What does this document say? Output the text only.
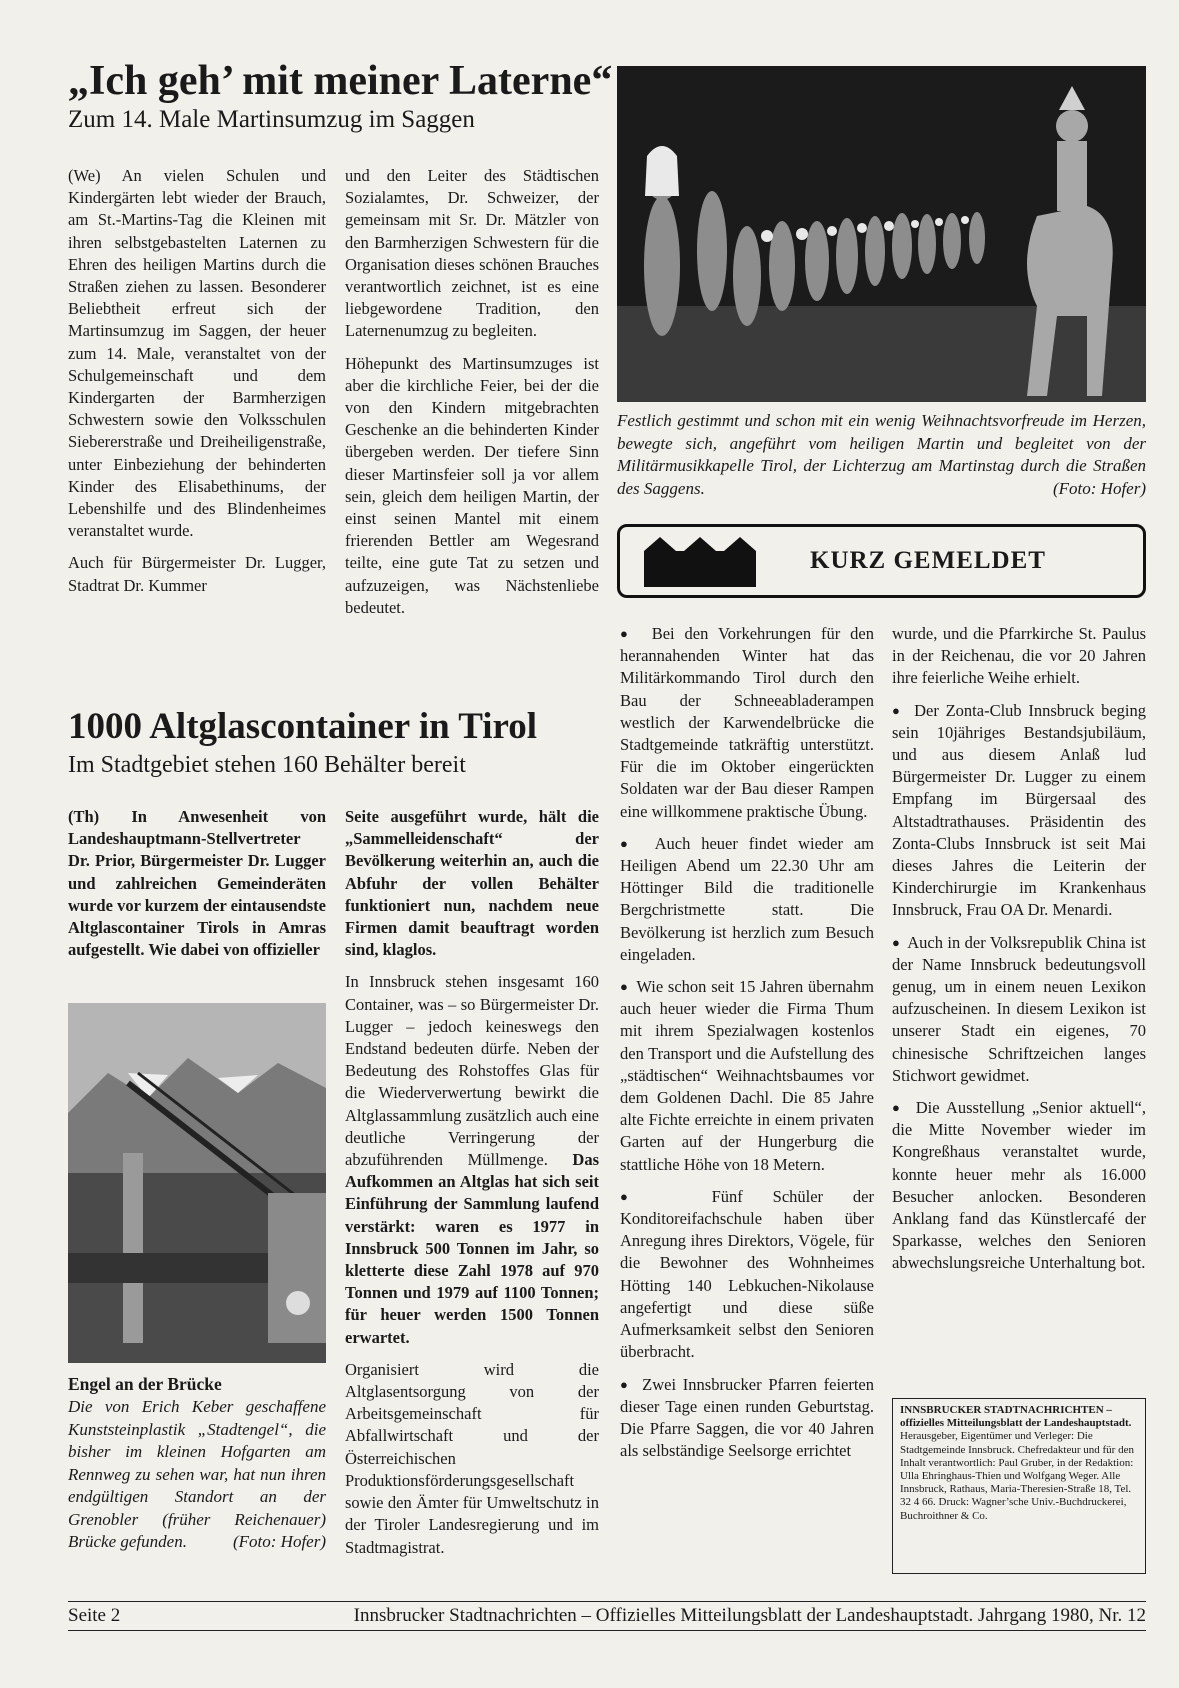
„Ich geh’ mit meiner Laterne“
Zum 14. Male Martinsumzug im Saggen

(We) An vielen Schulen und Kindergärten lebt wieder der Brauch, am St.-Martins-Tag die Kleinen mit ihren selbstgebastelten Laternen zu Ehren des heiligen Martins durch die Straßen ziehen zu lassen. Besonderer Beliebtheit erfreut sich der Martinsumzug im Saggen, der heuer zum 14. Male, veranstaltet von der Schulgemeinschaft und dem Kindergarten der Barmherzigen Schwestern sowie den Volksschulen Siebererstraße und Dreiheiligenstraße, unter Einbeziehung der behinderten Kinder des Elisabethinums, der Lebenshilfe und des Blindenheimes veranstaltet wurde.

Auch für Bürgermeister Dr. Lugger, Stadtrat Dr. Kummer

und den Leiter des Städtischen Sozialamtes, Dr. Schweizer, der gemeinsam mit Sr. Dr. Mätzler von den Barmherzigen Schwestern für die Organisation dieses schönen Brauches verantwortlich zeichnet, ist es eine liebgewordene Tradition, den Laternenumzug zu begleiten.

Höhepunkt des Martinsumzuges ist aber die kirchliche Feier, bei der die von den Kindern mitgebrachten Geschenke an die behinderten Kinder übergeben werden. Der tiefere Sinn dieser Martinsfeier soll ja vor allem sein, gleich dem heiligen Martin, der einst seinen Mantel mit einem frierenden Bettler am Wegesrand teilte, eine gute Tat zu setzen und aufzuzeigen, was Nächstenliebe bedeutet.

Festlich gestimmt und schon mit ein wenig Weihnachtsvorfreude im Herzen, bewegte sich, angeführt vom heiligen Martin und begleitet von der Militärmusikkapelle Tirol, der Lichterzug am Martinstag durch die Straßen des Saggens.	(Foto: Hofer)
1000 Altglascontainer in Tirol
Im Stadtgebiet stehen 160 Behälter bereit

(Th) In Anwesenheit von Landeshauptmann-Stellvertreter Dr. Prior, Bürgermeister Dr. Lugger und zahlreichen Gemeinderäten wurde vor kurzem der eintausendste Altglascontainer Tirols in Amras aufgestellt. Wie dabei von offizieller

Engel an der Brücke
Die von Erich Keber geschaffene Kunststeinplastik „Stadtengel“, die bisher im kleinen Hofgarten am Rennweg zu sehen war, hat nun ihren endgültigen Standort an der Grenobler (früher Reichenauer) Brücke gefunden.	(Foto: Hofer)

Seite ausgeführt wurde, hält die „Sammelleidenschaft“ der Bevölkerung weiterhin an, auch die Abfuhr der vollen Behälter funktioniert nun, nachdem neue Firmen damit beauftragt worden sind, klaglos.

In Innsbruck stehen insgesamt 160 Container, was – so Bürgermeister Dr. Lugger – jedoch keineswegs den Endstand bedeuten dürfe. Neben der Bedeutung des Rohstoffes Glas für die Wiederverwertung bewirkt die Altglassammlung zusätzlich auch eine deutliche Verringerung der abzuführenden Müllmenge. Das Aufkommen an Altglas hat sich seit Einführung der Sammlung laufend verstärkt: waren es 1977 in Innsbruck 500 Tonnen im Jahr, so kletterte diese Zahl 1978 auf 970 Tonnen und 1979 auf 1100 Tonnen; für heuer werden 1500 Tonnen erwartet.

Organisiert wird die Altglasentsorgung von der Arbeitsgemeinschaft für Abfallwirtschaft und der Österreichischen Produktionsförderungsgesellschaft sowie den Ämter für Umweltschutz in der Tiroler Landesregierung und im Stadtmagistrat.

KURZ GEMELDET

●  Bei den Vorkehrungen für den herannahenden Winter hat das Militärkommando Tirol durch den Bau der Schneeabladerampen westlich der Karwendelbrücke die Stadtgemeinde tatkräftig unterstützt. Für die im Oktober eingerückten Soldaten war der Bau dieser Rampen eine willkommene praktische Übung.

●  Auch heuer findet wieder am Heiligen Abend um 22.30 Uhr am Höttinger Bild die traditionelle Bergchristmette statt. Die Bevölkerung ist herzlich zum Besuch eingeladen.

●  Wie schon seit 15 Jahren übernahm auch heuer wieder die Firma Thum mit ihrem Spezialwagen kostenlos den Transport und die Aufstellung des „städtischen“ Weihnachtsbaumes vor dem Goldenen Dachl. Die 85 Jahre alte Fichte erreichte in einem privaten Garten auf der Hungerburg die stattliche Höhe von 18 Metern.

●  Fünf Schüler der Konditoreifachschule haben über Anregung ihres Direktors, Vögele, für die Bewohner des Wohnheimes Hötting 140 Lebkuchen-Nikolause angefertigt und diese süße Aufmerksamkeit selbst den Senioren überbracht.

●  Zwei Innsbrucker Pfarren feierten dieser Tage einen runden Geburtstag. Die Pfarre Saggen, die vor 40 Jahren als selbständige Seelsorge errichtet

wurde, und die Pfarrkirche St. Paulus in der Reichenau, die vor 20 Jahren ihre feierliche Weihe erhielt.

●  Der Zonta-Club Innsbruck beging sein 10jähriges Bestandsjubiläum, und aus diesem Anlaß lud Bürgermeister Dr. Lugger zu einem Empfang im Bürgersaal des Altstadtrathauses. Präsidentin des Zonta-Clubs Innsbruck ist seit Mai dieses Jahres die Leiterin der Kinderchirurgie im Krankenhaus Innsbruck, Frau OA Dr. Menardi.

●  Auch in der Volksrepublik China ist der Name Innsbruck bedeutungsvoll genug, um in einem neuen Lexikon aufzuscheinen. In diesem Lexikon ist unserer Stadt ein eigenes, 70 chinesische Schriftzeichen langes Stichwort gewidmet.

●  Die Ausstellung „Senior aktuell“, die Mitte November wieder im Kongreßhaus veranstaltet wurde, konnte heuer mehr als 16.000 Besucher anlocken. Besonderen Anklang fand das Künstlercafé der Sparkasse, welches den Senioren abwechslungsreiche Unterhaltung bot.

INNSBRUCKER STADTNACHRICHTEN – offizielles Mitteilungsblatt der Landeshauptstadt. Herausgeber, Eigentümer und Verleger: Die Stadtgemeinde Innsbruck. Chefredakteur und für den Inhalt verantwortlich: Paul Gruber, in der Redaktion: Ulla Ehringhaus-Thien und Wolfgang Weger. Alle Innsbruck, Rathaus, Maria-Theresien-Straße 18, Tel. 32 4 66. Druck: Wagner’sche Univ.-Buchdruckerei, Buchroithner & Co.
Seite 2	Innsbrucker Stadtnachrichten – Offizielles Mitteilungsblatt der Landeshauptstadt. Jahrgang 1980, Nr. 12
